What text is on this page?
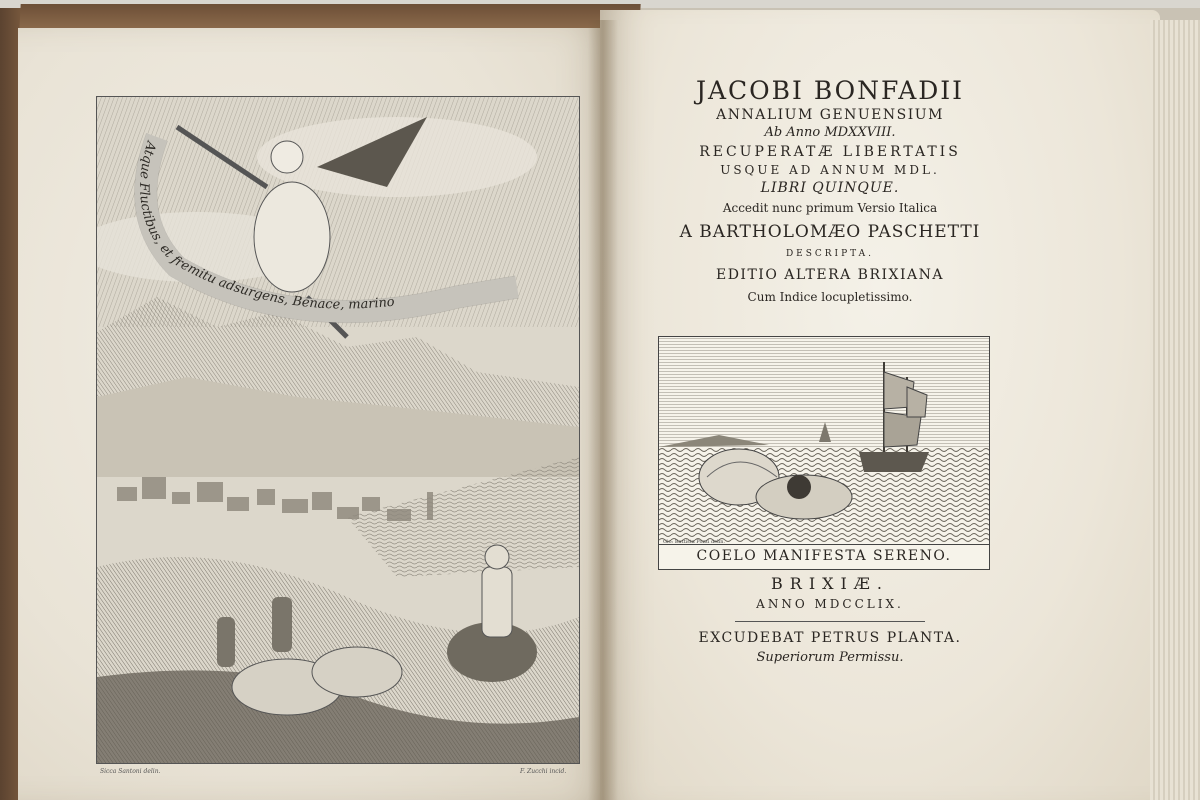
Sicca Santoni delin.	F. Zucchi incid.
JACOBI BONFADII
ANNALIUM GENUENSIUM
Ab Anno MDXXVIII.
RECUPERATÆ LIBERTATIS
USQUE AD ANNUM MDL.
LIBRI QUINQUE.
Accedit nunc primum Versio Italica
A BARTHOLOMÆO PASCHETTI
DESCRIPTA.
EDITIO ALTERA BRIXIANA
Cum Indice locupletissimo.
Gio: Battista Pozzi delin.
COELO MANIFESTA SERENO.
BRIXIÆ.
ANNO MDCCLIX.
EXCUDEBAT PETRUS PLANTA.
Superiorum Permissu.
Atque Fluctibus, et fremitu adsurgens, Benace, marino
